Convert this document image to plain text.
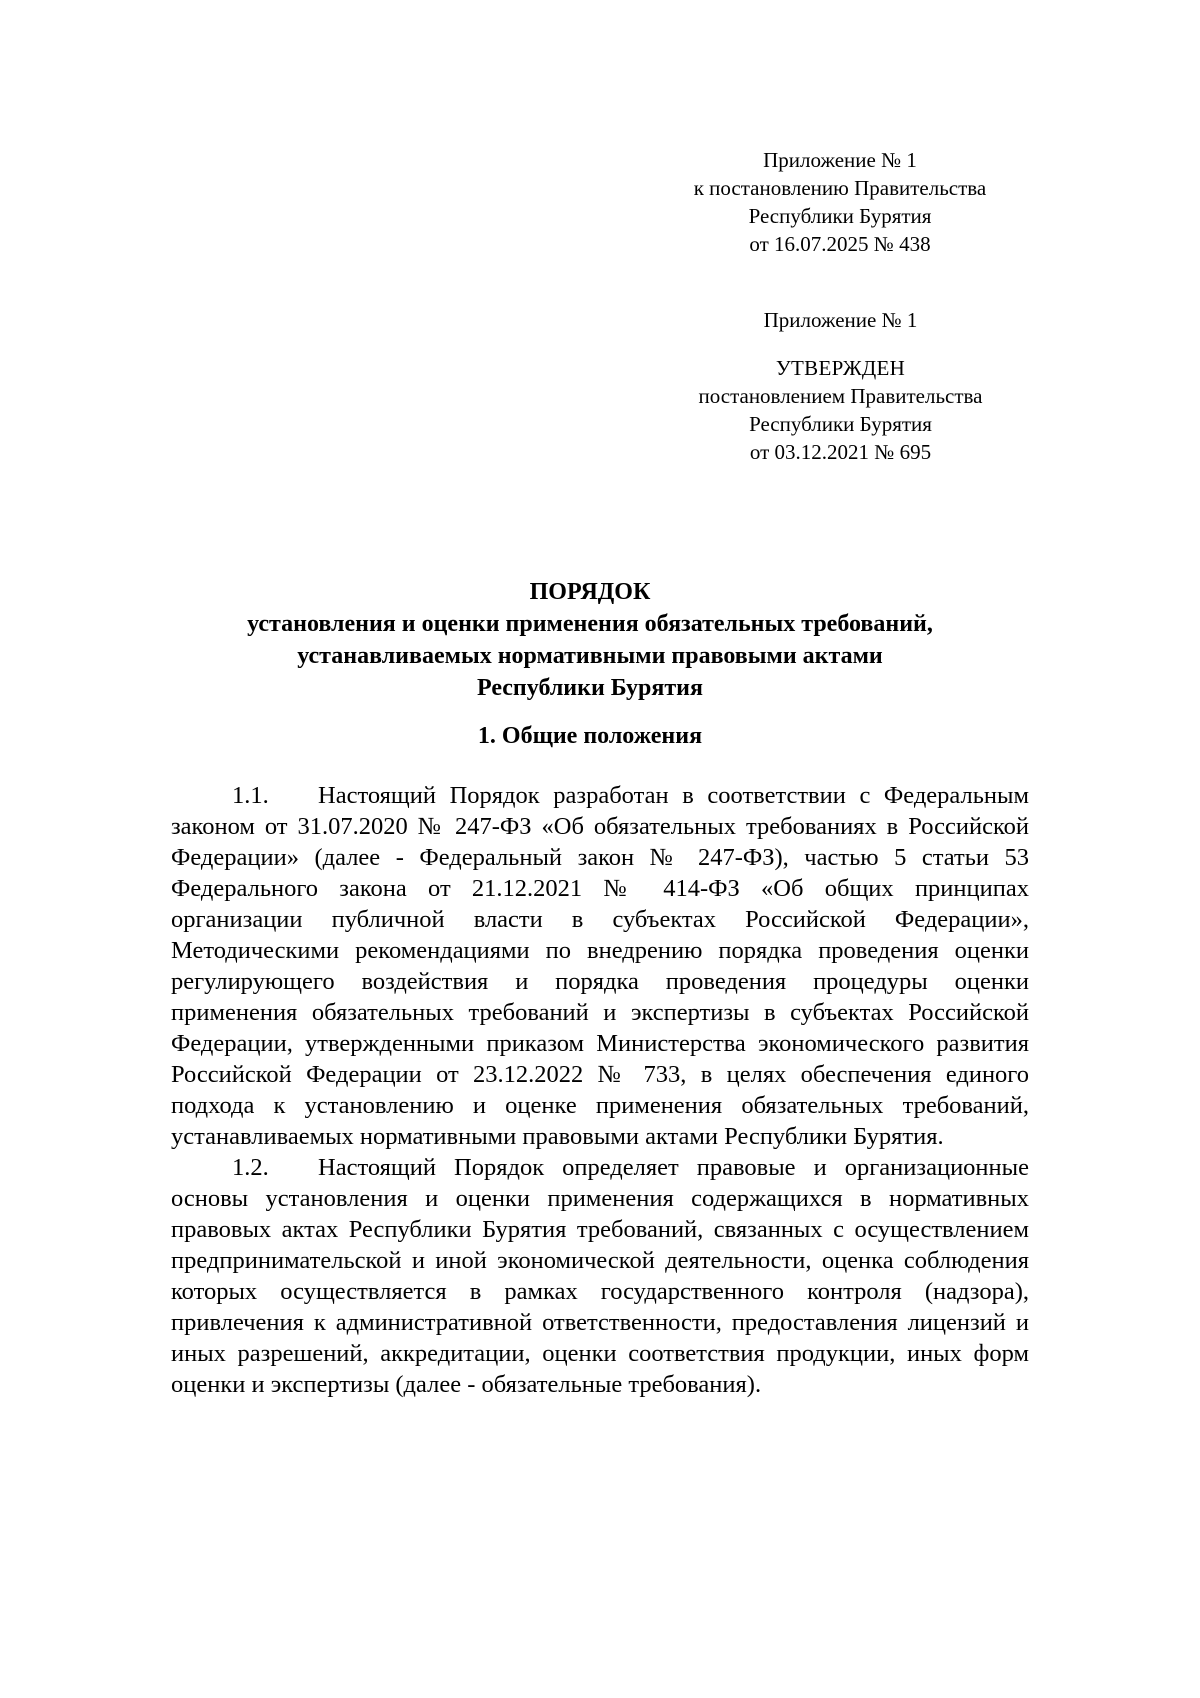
Приложение № 1
к постановлению Правительства
Республики Бурятия
от 16.07.2025 № 438
Приложение № 1
УТВЕРЖДЕН
постановлением Правительства
Республики Бурятия
от 03.12.2021 № 695
ПОРЯДОК
установления и оценки применения обязательных требований,
устанавливаемых нормативными правовыми актами
Республики Бурятия
1. Общие положения

1.1. Настоящий Порядок разработан в соответствии с Федеральным законом от 31.07.2020 № 247-ФЗ «Об обязательных требованиях в Российской Федерации» (далее - Федеральный закон № 247-ФЗ), частью 5 статьи 53 Федерального закона от 21.12.2021 № 414-ФЗ «Об общих принципах организации публичной власти в субъектах Российской Федерации», Методическими рекомендациями по внедрению порядка проведения оценки регулирующего воздействия и порядка проведения процедуры оценки применения обязательных требований и экспертизы в субъектах Российской Федерации, утвержденными приказом Министерства экономического развития Российской Федерации от 23.12.2022 № 733, в целях обеспечения единого подхода к установлению и оценке применения обязательных требований, устанавливаемых нормативными правовыми актами Республики Бурятия.

1.2. Настоящий Порядок определяет правовые и организационные основы установления и оценки применения содержащихся в нормативных правовых актах Республики Бурятия требований, связанных с осуществлением предпринимательской и иной экономической деятельности, оценка соблюдения которых осуществляется в рамках государственного контроля (надзора), привлечения к административной ответственности, предоставления лицензий и иных разрешений, аккредитации, оценки соответствия продукции, иных форм оценки и экспертизы (далее - обязательные требования).
